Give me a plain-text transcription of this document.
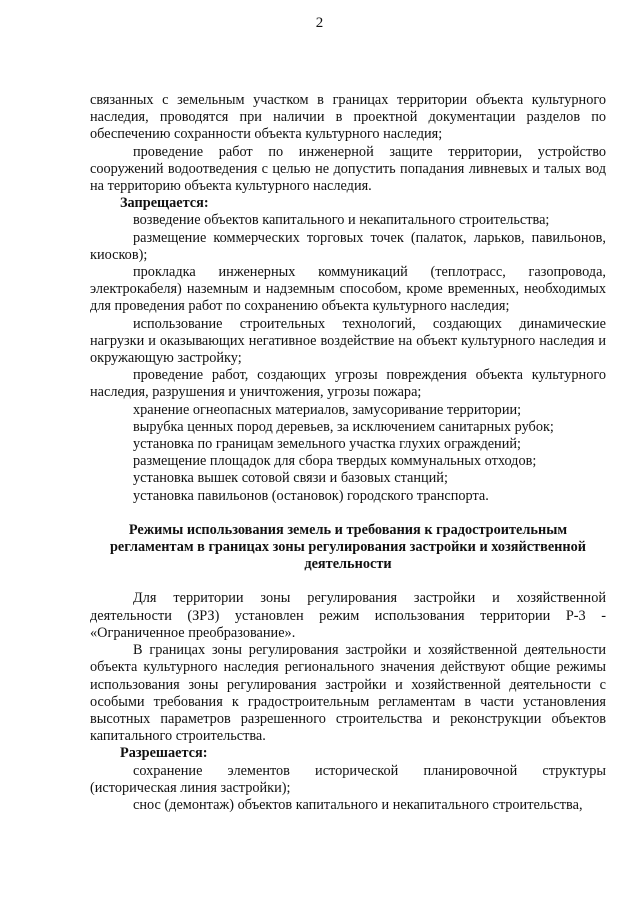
2

связанных с земельным участком в границах территории объекта культурного наследия, проводятся при наличии в проектной документации разделов по обеспечению сохранности объекта культурного наследия;

проведение работ по инженерной защите территории, устройство сооружений водоотведения с целью не допустить попадания ливневых и талых вод на территорию объекта культурного наследия.

Запрещается:

возведение объектов капитального и некапитального строительства;

размещение коммерческих торговых точек (палаток, ларьков, павильонов, киосков);

прокладка инженерных коммуникаций (теплотрасс, газопровода, электрокабеля) наземным и надземным способом, кроме временных, необходимых для проведения работ по сохранению объекта культурного наследия;

использование строительных технологий, создающих динамические нагрузки и оказывающих негативное воздействие на объект культурного наследия и окружающую застройку;

проведение работ, создающих угрозы повреждения объекта культурного наследия, разрушения и уничтожения, угрозы пожара;

хранение огнеопасных материалов, замусоривание территории;

вырубка ценных пород деревьев, за исключением санитарных рубок;

установка по границам земельного участка глухих ограждений;

размещение площадок для сбора твердых коммунальных отходов;

установка вышек сотовой связи и базовых станций;

установка павильонов (остановок) городского транспорта.

Режимы использования земель и требования к градостроительным регламентам в границах зоны регулирования застройки и хозяйственной деятельности

Для территории зоны регулирования застройки и хозяйственной деятельности (ЗРЗ) установлен режим использования территории Р-3 - «Ограниченное преобразование».

В границах зоны регулирования застройки и хозяйственной деятельности объекта культурного наследия регионального значения действуют общие режимы использования зоны регулирования застройки и хозяйственной деятельности с особыми требования к градостроительным регламентам в части установления высотных параметров разрешенного строительства и реконструкции объектов капитального строительства.

Разрешается:

сохранение элементов исторической планировочной структуры (историческая линия застройки);

снос (демонтаж) объектов капитального и некапитального строительства,
